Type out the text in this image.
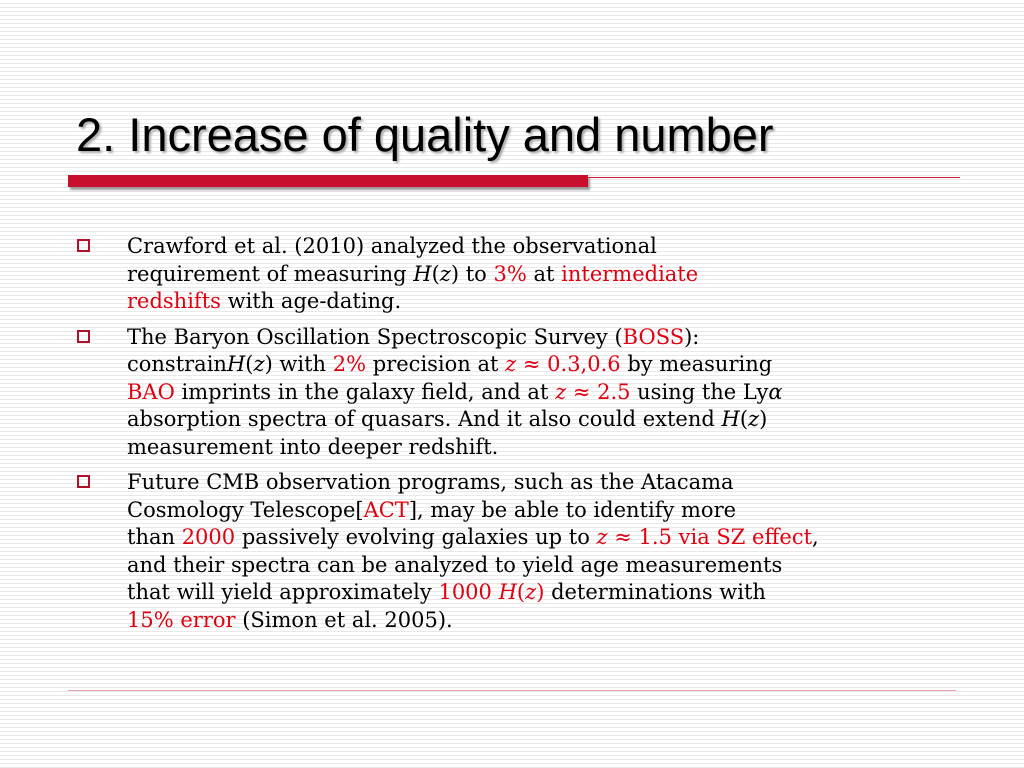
2. Increase of quality and number
Crawford et al. (2010) analyzed the observational
requirement of measuring H(z) to 3% at intermediate
redshifts with age-dating.
The Baryon Oscillation Spectroscopic Survey (BOSS):
constrainH(z) with 2% precision at z ≈ 0.3,0.6 by measuring
BAO imprints in the galaxy field, and at z ≈ 2.5 using the Lyα
absorption spectra of quasars. And it also could extend H(z)
measurement into deeper redshift.
Future CMB observation programs, such as the Atacama
Cosmology Telescope[ACT], may be able to identify more
than 2000 passively evolving galaxies up to z ≈ 1.5 via SZ effect,
and their spectra can be analyzed to yield age measurements
that will yield approximately 1000 H(z) determinations with
15% error (Simon et al. 2005).
